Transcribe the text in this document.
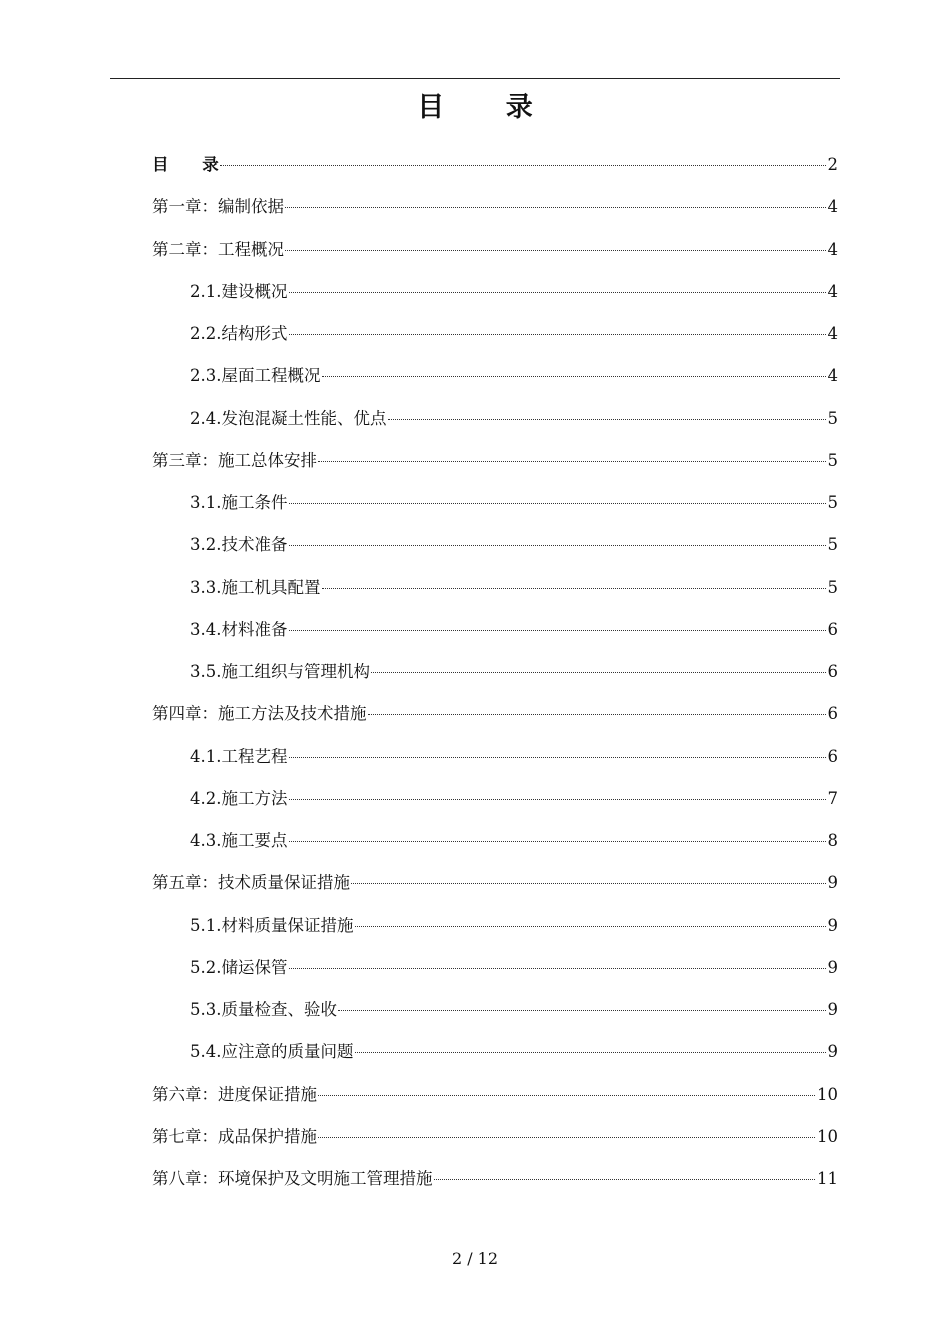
目 录
目 录	2
第一章：编制依据	4
第二章：工程概况	4
2.1.建设概况	4
2.2.结构形式	4
2.3.屋面工程概况	4
2.4.发泡混凝土性能、优点	5
第三章：施工总体安排	5
3.1.施工条件	5
3.2.技术准备	5
3.3.施工机具配置	5
3.4.材料准备	6
3.5.施工组织与管理机构	6
第四章：施工方法及技术措施	6
4.1.工程艺程	6
4.2.施工方法	7
4.3.施工要点	8
第五章：技术质量保证措施	9
5.1.材料质量保证措施	9
5.2.储运保管	9
5.3.质量检查、验收	9
5.4.应注意的质量问题	9
第六章：进度保证措施	10
第七章：成品保护措施	10
第八章：环境保护及文明施工管理措施	11
2 / 12
